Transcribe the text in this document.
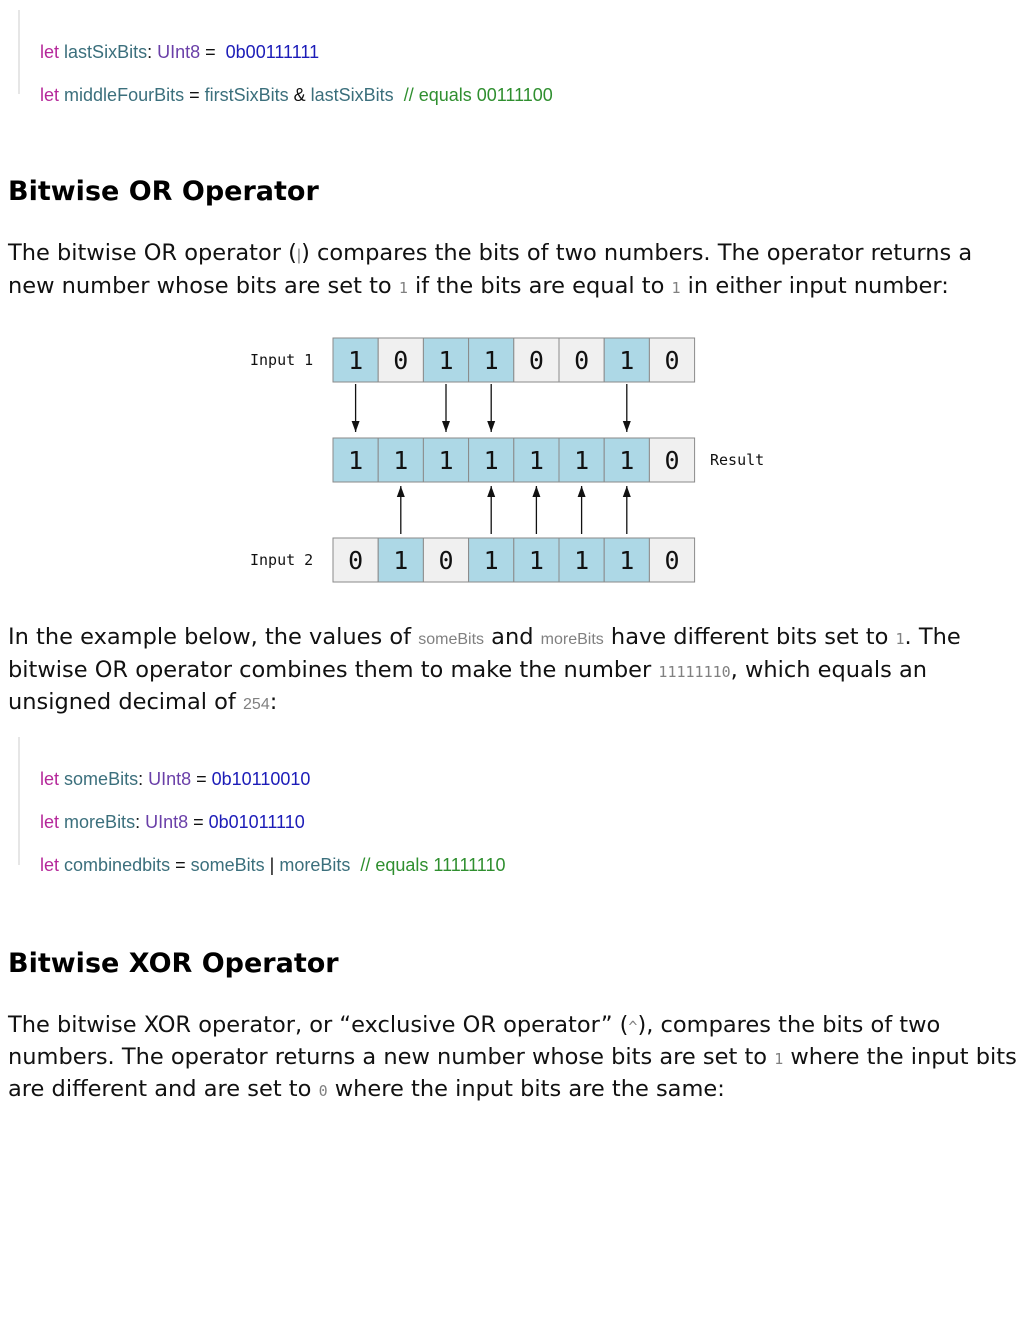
let lastSixBits: UInt8 =  0b00111111

let middleFourBits = firstSixBits & lastSixBits // equals 00111100

Bitwise OR Operator

The bitwise OR operator (|) compares the bits of two numbers. The operator returns a new number whose bits are set to 1 if the bits are equal to 1 in either input number:

1 0 1 1 0 0 1 0
1 1 1 1 1 1 1 0
0 1 0 1 1 1 1 0
Input 1
Input 2
Result

In the example below, the values of someBits and moreBits have different bits set to 1. The bitwise OR operator combines them to make the number 11111110, which equals an unsigned decimal of 254:

let someBits: UInt8 = 0b10110010

let moreBits: UInt8 = 0b01011110

let combinedbits = someBits | moreBits // equals 11111110

Bitwise XOR Operator

The bitwise XOR operator, or “exclusive OR operator” (^), compares the bits of two numbers. The operator returns a new number whose bits are set to 1 where the input bits are different and are set to 0 where the input bits are the same:
